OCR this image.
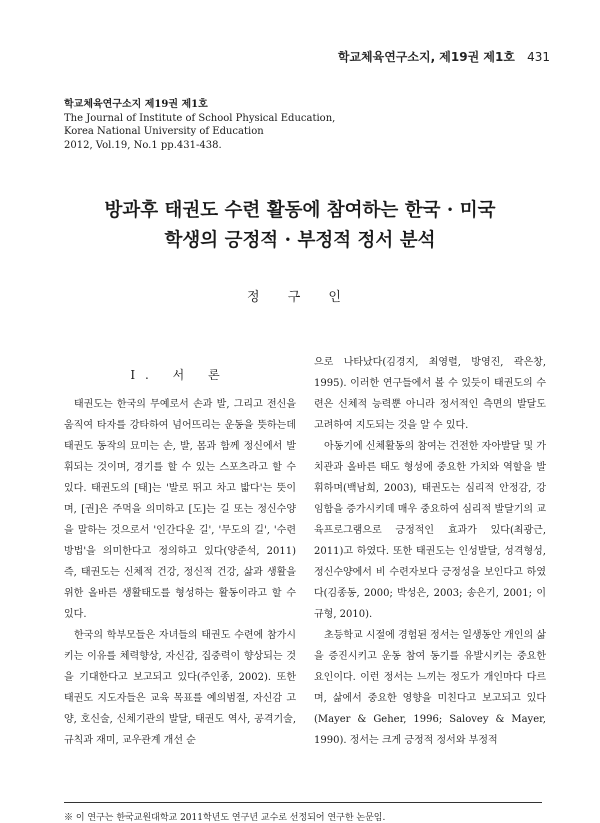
학교체육연구소지, 제19권 제1호 431
학교체육연구소지 제19권 제1호
The Journal of Institute of School Physical Education,
Korea National University of Education
2012, Vol.19, No.1 pp.431-438.
방과후 태권도 수련 활동에 참여하는 한국 · 미국
학생의 긍정적 · 부정적 정서 분석
정 구 인
Ⅰ. 서 론

태권도는 한국의 무예로서 손과 발, 그리고 전신을 움직여 타자를 강타하여 넘어뜨리는 운동을 뜻하는데 태권도 동작의 묘미는 손, 발, 몸과 함께 정신에서 발휘되는 것이며, 경기를 할 수 있는 스포츠라고 할 수 있다. 태권도의 [태]는 '발로 뛰고 차고 밟다'는 뜻이며, [권]은 주먹을 의미하고 [도]는 길 또는 정신수양을 말하는 것으로서 '인간다운 길', '무도의 길', '수련방법'을 의미한다고 정의하고 있다(양준석, 2011) 즉, 태권도는 신체적 건강, 정신적 건강, 삶과 생활을 위한 올바른 생활태도를 형성하는 활동이라고 할 수 있다.

한국의 학부모들은 자녀들의 태권도 수련에 참가시키는 이유를 체력향상, 자신감, 집중력이 향상되는 것을 기대한다고 보고되고 있다(주인종, 2002). 또한 태권도 지도자들은 교육 목표를 예의범절, 자신감 고양, 호신술, 신체기관의 발달, 태권도 역사, 공격기술, 규칙과 재미, 교우관계 개선 순

으로 나타났다(김경지, 최영렬, 방영진, 곽은창, 1995). 이러한 연구들에서 볼 수 있듯이 태권도의 수련은 신체적 능력뿐 아니라 정서적인 측면의 발달도 고려하여 지도되는 것을 알 수 있다.

아동기에 신체활동의 참여는 건전한 자아발달 및 가치관과 올바른 태도 형성에 중요한 가치와 역할을 발휘하며(백남희, 2003), 태권도는 심리적 안정감, 강임함을 증가시키데 매우 중요하여 심리적 발달기의 교육프로그램으로 긍정적인 효과가 있다(최광근, 2011)고 하였다. 또한 태권도는 인성발달, 성격형성, 정신수양에서 비 수련자보다 긍정성을 보인다고 하였다(김종동, 2000; 박성은, 2003; 송은기, 2001; 이규형, 2010).

초등학교 시절에 경험된 정서는 일생동안 개인의 삶을 증진시키고 운동 참여 동기를 유발시키는 중요한 요인이다. 이런 정서는 느끼는 정도가 개인마다 다르며, 삶에서 중요한 영향을 미친다고 보고되고 있다(Mayer & Geher, 1996; Salovey & Mayer, 1990). 정서는 크게 긍정적 정서와 부정적

※ 이 연구는 한국교원대학교 2011학년도 연구년 교수로 선정되어 연구한 논문임.
